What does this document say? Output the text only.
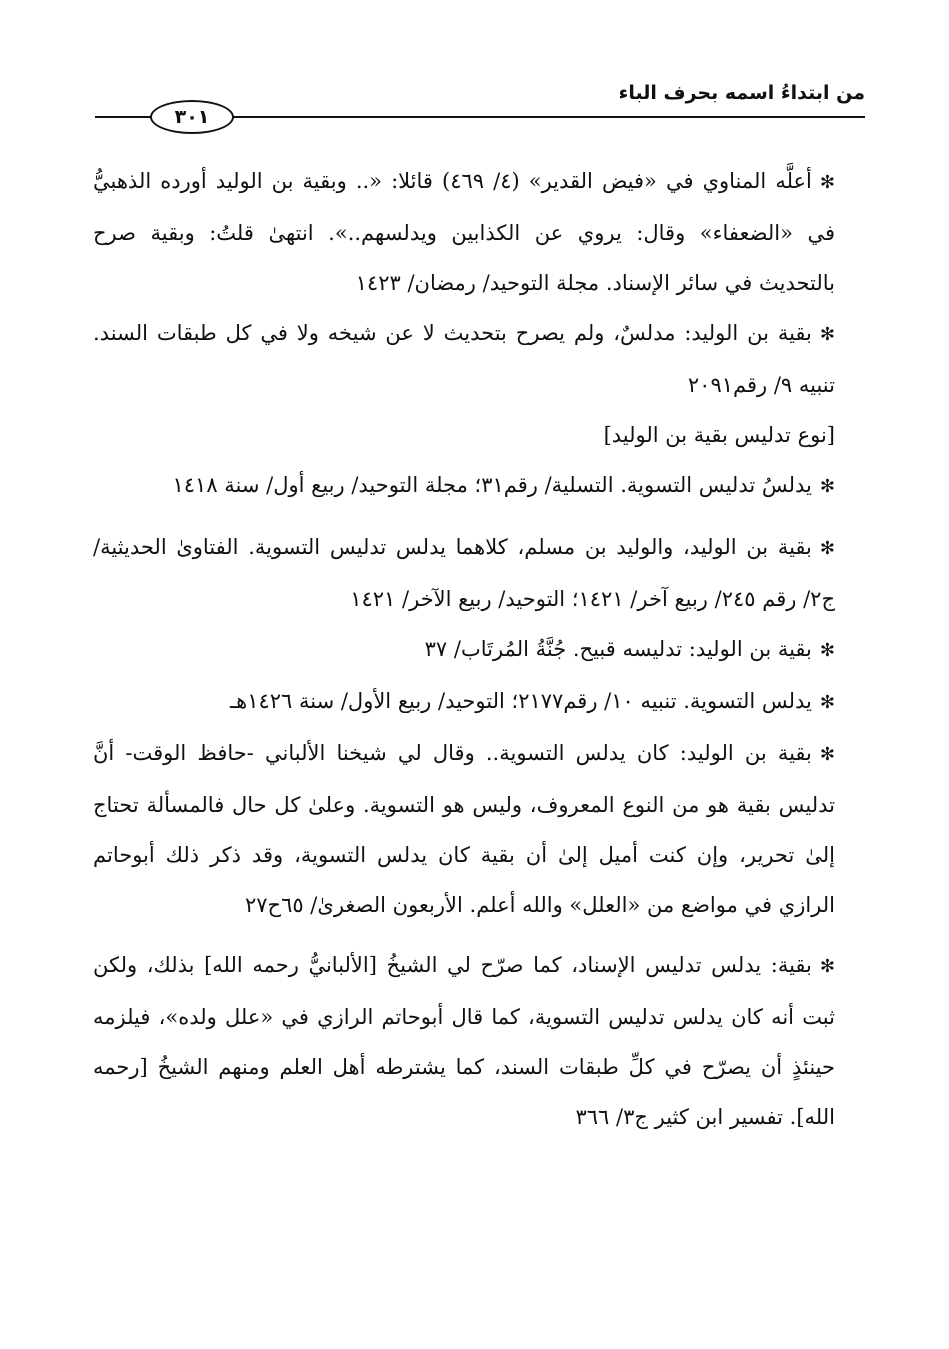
من ابتداءُ اسمه بحرف الباء
٣٠١

✻أعلَّه المناوي في «فيض القدير» (٤/ ٤٦٩) قائلا: «.. وبقية بن الوليد أورده الذهبيُّ في «الضعفاء» وقال: يروي عن الكذابين ويدلسهم..». انتهىٰ قلتُ: وبقية صرح بالتحديث في سائر الإسناد. مجلة التوحيد/ رمضان/ ١٤٢٣

✻بقية بن الوليد: مدلسٌ، ولم يصرح بتحديث لا عن شيخه ولا في كل طبقات السند. تنبيه ٩/ رقم٢٠٩١

[نوع تدليس بقية بن الوليد]

✻يدلسُ تدليس التسوية. التسلية/ رقم٣١؛ مجلة التوحيد/ ربيع أول/ سنة ١٤١٨

✻بقية بن الوليد، والوليد بن مسلم، كلاهما يدلس تدليس التسوية. الفتاوىٰ الحديثية/ ج٢/ رقم ٢٤٥/ ربيع آخر/ ١٤٢١؛ التوحيد/ ربيع الآخر/ ١٤٢١

✻بقية بن الوليد: تدليسه قبيح. جُنَّةُ المُرتَاب/ ٣٧

✻يدلس التسوية. تنبيه ١٠/ رقم٢١٧٧؛ التوحيد/ ربيع الأول/ سنة ١٤٢٦هـ

✻بقية بن الوليد: كان يدلس التسوية.. وقال لي شيخنا الألباني -حافظ الوقت- أنَّ تدليس بقية هو من النوع المعروف، وليس هو التسوية. وعلىٰ كل حال فالمسألة تحتاج إلىٰ تحرير، وإن كنت أميل إلىٰ أن بقية كان يدلس التسوية، وقد ذكر ذلك أبوحاتم الرازي في مواضع من «العلل» والله أعلم. الأربعون الصغرىٰ/ ٦٥ح٢٧

✻بقية: يدلس تدليس الإسناد، كما صرّح لي الشيخُ [الألبانيُّ رحمه الله] بذلك، ولكن ثبت أنه كان يدلس تدليس التسوية، كما قال أبوحاتم الرازي في «علل ولده»، فيلزمه حينئذٍ أن يصرّح في كلِّ طبقات السند، كما يشترطه أهل العلم ومنهم الشيخُ [رحمه الله]. تفسير ابن كثير ج٣/ ٣٦٦
